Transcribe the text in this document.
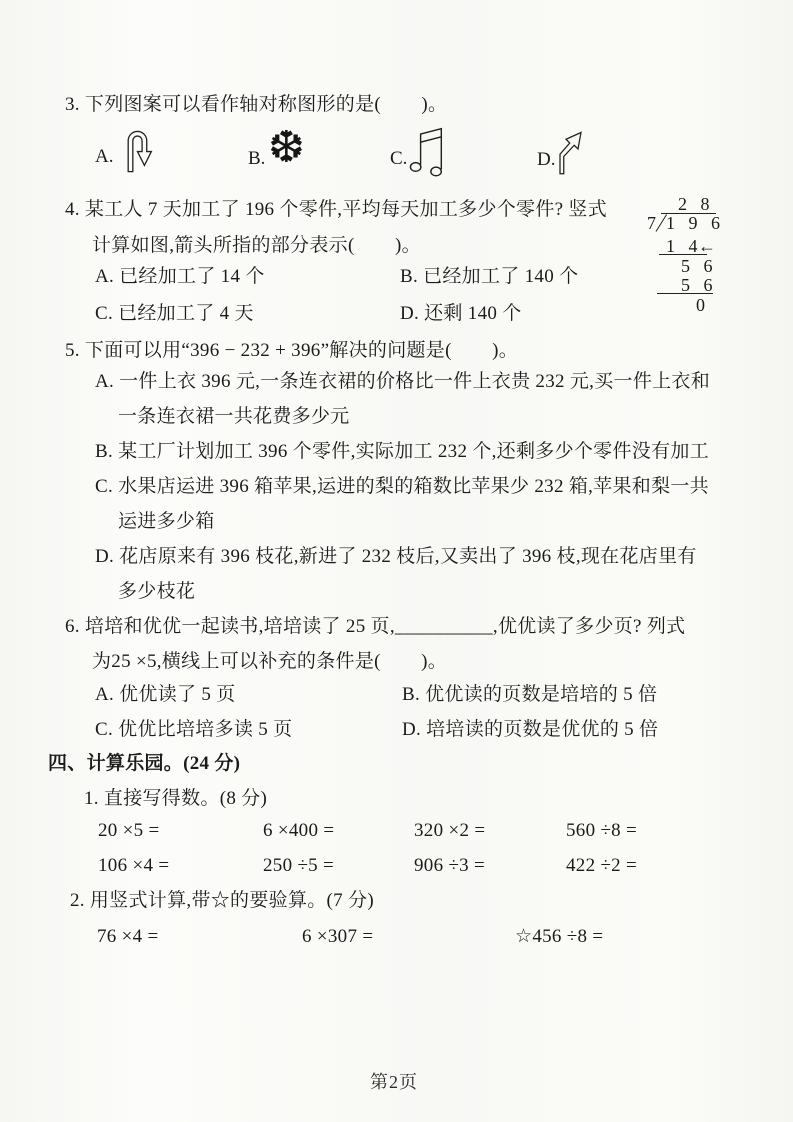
3. 下列图案可以看作轴对称图形的是(        )。
A.	B. ❆	C.	D.
4. 某工人 7 天加工了 196 个零件,平均每天加工多少个零件? 竖式
计算如图,箭头所指的部分表示(        )。
A. 已经加工了 14 个	B. 已经加工了 140 个
C. 已经加工了 4 天	D. 还剩 140 个
2 8
7 1 9 6
1 4
←
5 6
5 6
0
5. 下面可以用“396 − 232 + 396”解决的问题是(        )。
A. 一件上衣 396 元,一条连衣裙的价格比一件上衣贵 232 元,买一件上衣和
一条连衣裙一共花费多少元
B. 某工厂计划加工 396 个零件,实际加工 232 个,还剩多少个零件没有加工
C. 水果店运进 396 箱苹果,运进的梨的箱数比苹果少 232 箱,苹果和梨一共
运进多少箱
D. 花店原来有 396 枝花,新进了 232 枝后,又卖出了 396 枝,现在花店里有
多少枝花
6. 培培和优优一起读书,培培读了 25 页,__________,优优读了多少页? 列式
为25 ×5,横线上可以补充的条件是(        )。
A. 优优读了 5 页	B. 优优读的页数是培培的 5 倍
C. 优优比培培多读 5 页	D. 培培读的页数是优优的 5 倍
四、计算乐园。(24 分)
1. 直接写得数。(8 分)
20 ×5 =	6 ×400 =	320 ×2 =	560 ÷8 =
106 ×4 =	250 ÷5 =	906 ÷3 =	422 ÷2 =
2. 用竖式计算,带☆的要验算。(7 分)
76 ×4 =	6 ×307 =	☆456 ÷8 =
第2页
